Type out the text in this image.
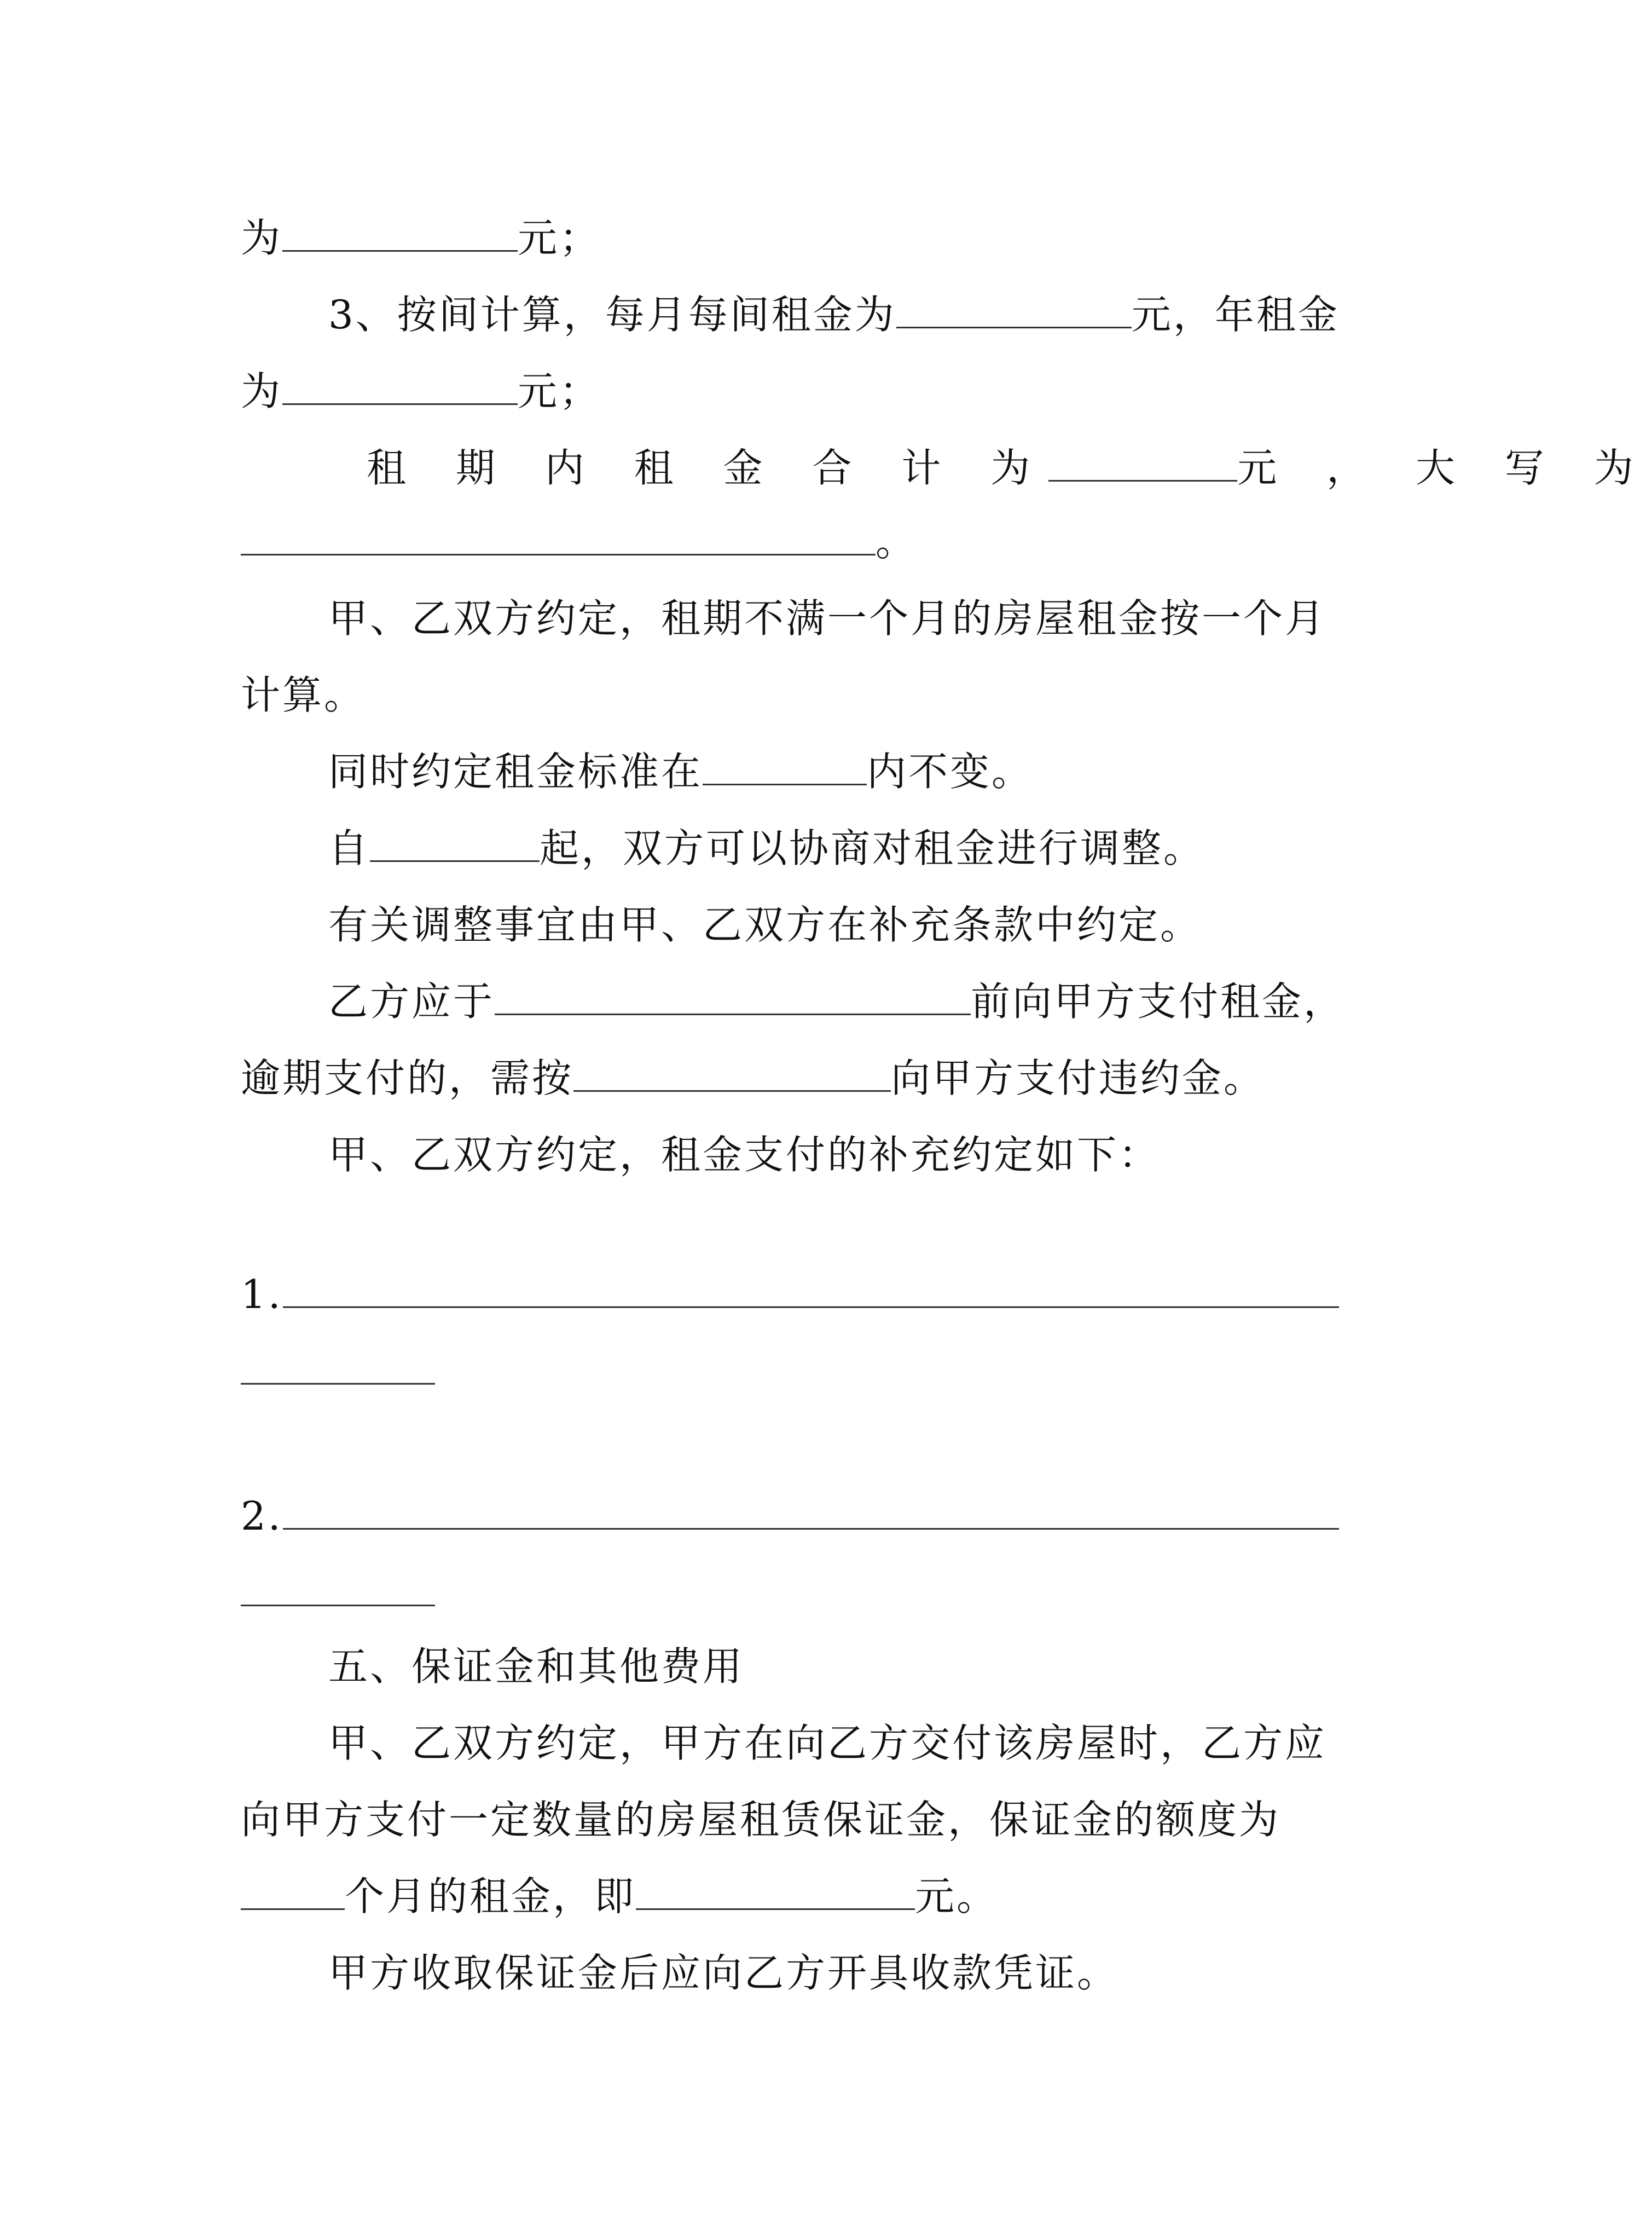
为	元；
3、按间计算，每月每间租金为	元，年租金
为	元；
租 期 内 租 金 合 计 为	元 ， 大 写 为
。
甲、乙双方约定，租期不满一个月的房屋租金按一个月
计算。
同时约定租金标准在	内不变。
自	起，双方可以协商对租金进行调整。
有关调整事宜由甲、乙双方在补充条款中约定。
乙方应于	前向甲方支付租金，
逾期支付的，需按	向甲方支付违约金。
甲、乙双方约定，租金支付的补充约定如下：
1.
2.
五、保证金和其他费用
甲、乙双方约定，甲方在向乙方交付该房屋时，乙方应
向甲方支付一定数量的房屋租赁保证金，保证金的额度为
个月的租金，即	元。
甲方收取保证金后应向乙方开具收款凭证。
